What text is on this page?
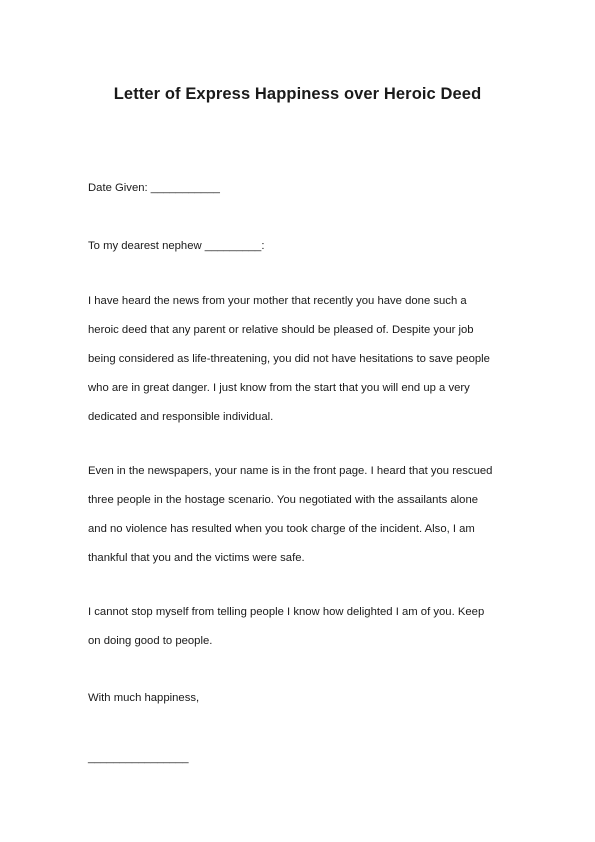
Letter of Express Happiness over Heroic Deed
Date Given: ___________
To my dearest nephew _________:
I have heard the news from your mother that recently you have done such a
heroic deed that any parent or relative should be pleased of. Despite your job
being considered as life-threatening, you did not have hesitations to save people
who are in great danger. I just know from the start that you will end up a very
dedicated and responsible individual.
Even in the newspapers, your name is in the front page. I heard that you rescued
three people in the hostage scenario. You negotiated with the assailants alone
and no violence has resulted when you took charge of the incident. Also, I am
thankful that you and the victims were safe.
I cannot stop myself from telling people I know how delighted I am of you. Keep
on doing good to people.
With much happiness,
________________
